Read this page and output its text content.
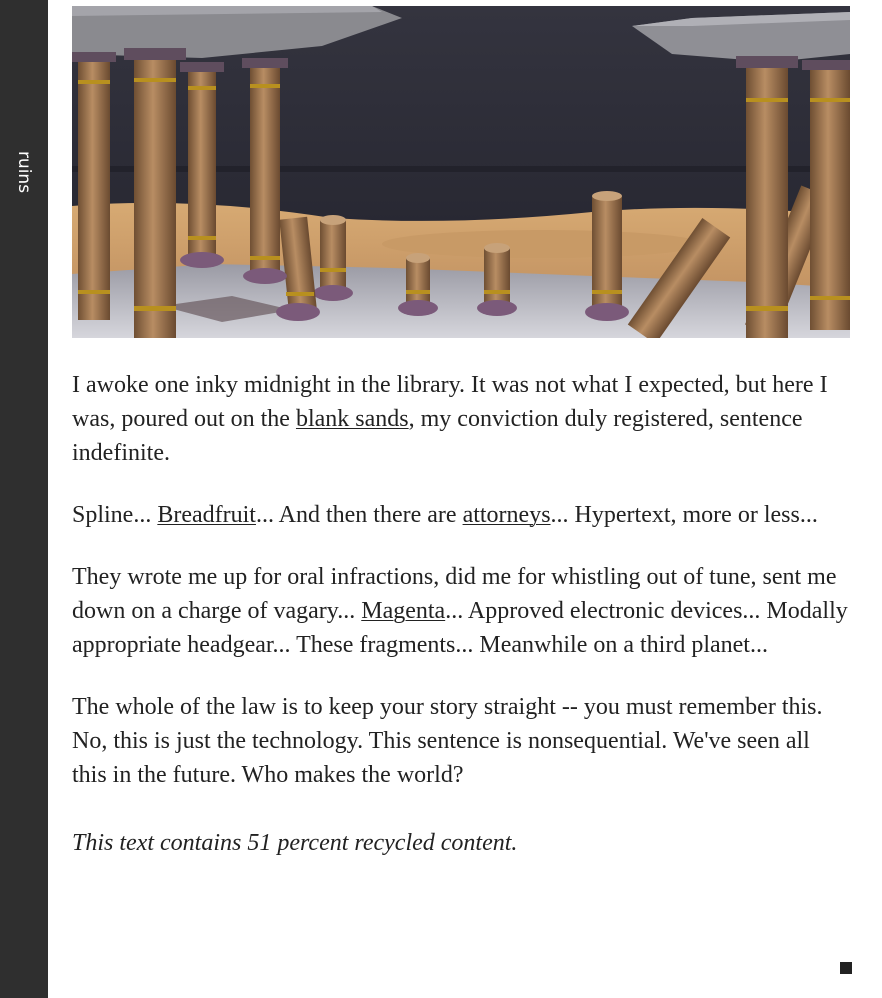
ruins

I awoke one inky midnight in the library. It was not what I expected, but here I was, poured out on the blank sands, my conviction duly registered, sentence indefinite.

Spline... Breadfruit... And then there are attorneys... Hypertext, more or less...

They wrote me up for oral infractions, did me for whistling out of tune, sent me down on a charge of vagary... Magenta... Approved electronic devices... Modally appropriate headgear... These fragments... Meanwhile on a third planet...

The whole of the law is to keep your story straight -- you must remember this. No, this is just the technology. This sentence is nonsequential. We've seen all this in the future. Who makes the world?

This text contains 51 percent recycled content.
